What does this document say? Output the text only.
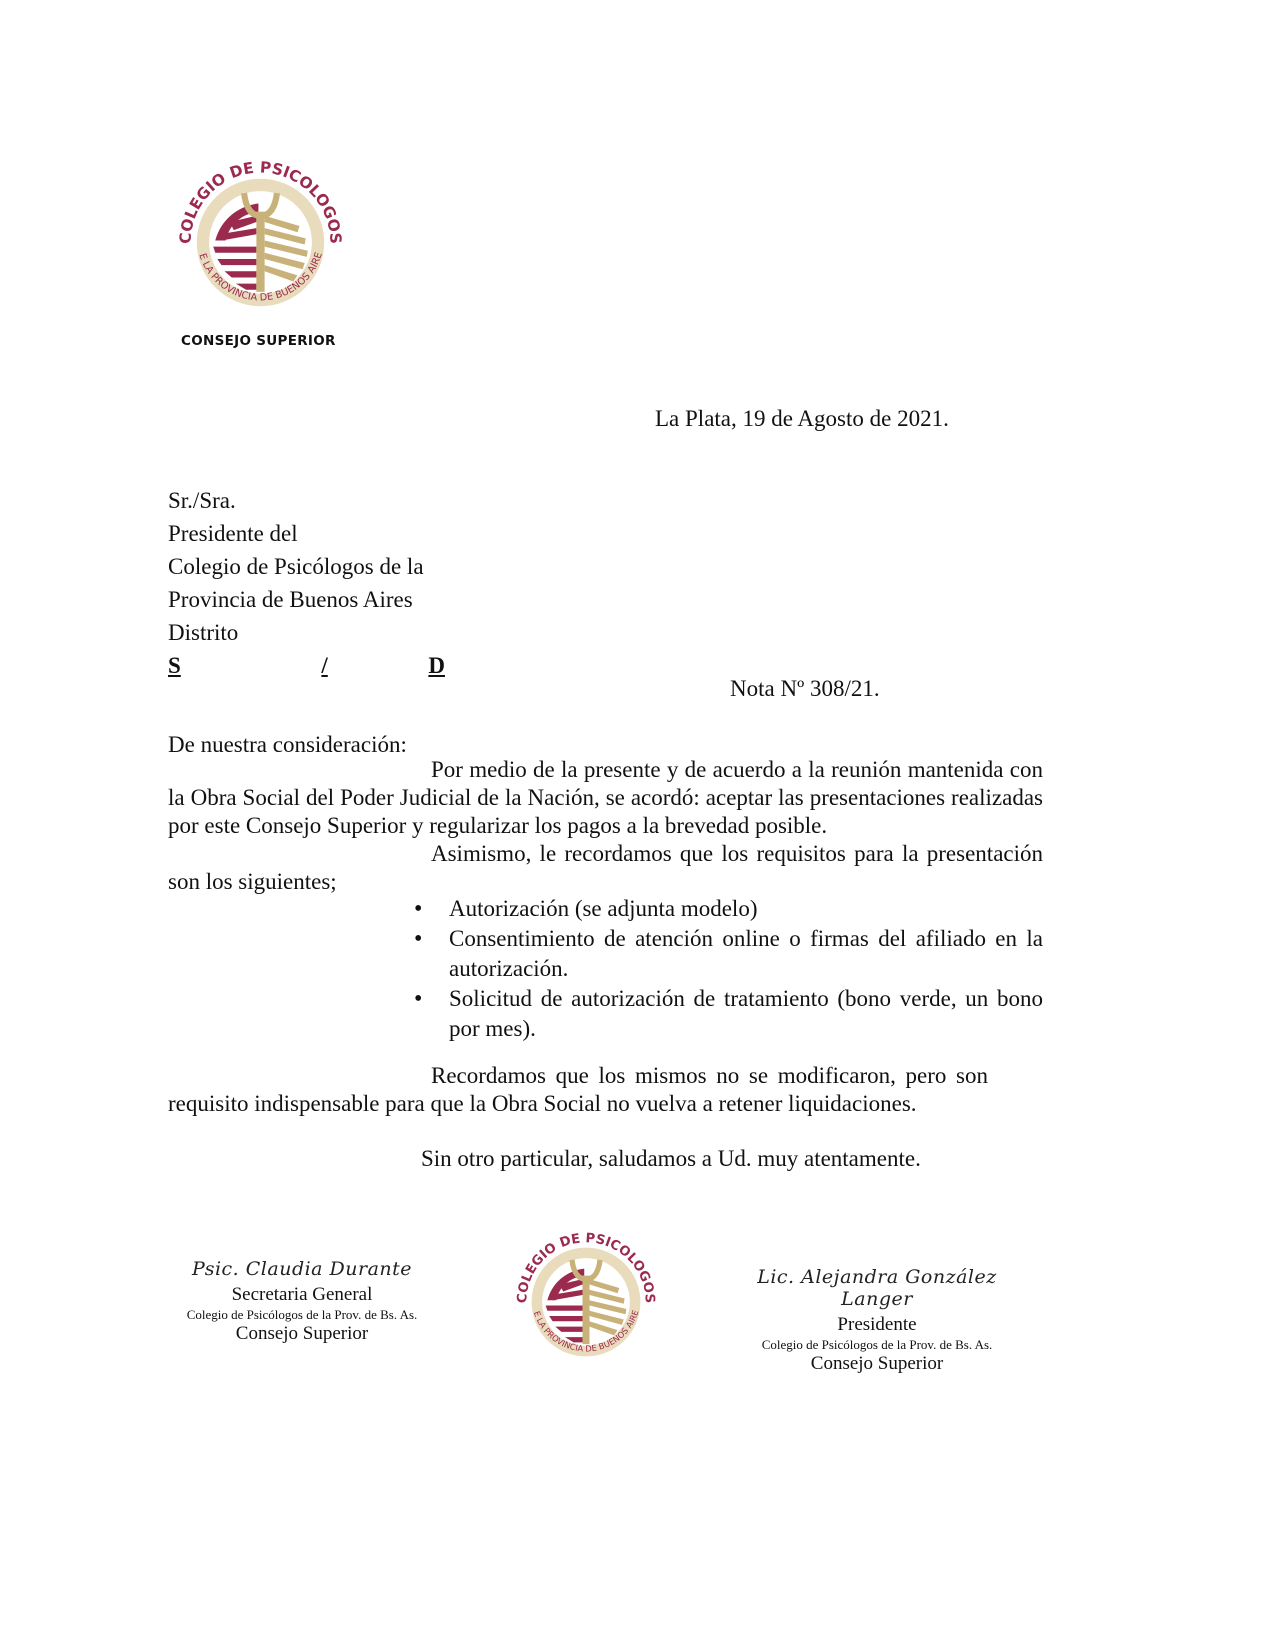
COLEGIO DE PSICOLOGOS
E LA PROVINCIA DE BUENOS AIRE
CONSEJO SUPERIOR
La Plata, 19 de Agosto de 2021.
Sr./Sra.
Presidente del
Colegio de Psicólogos de la
Provincia de Buenos Aires
Distrito
S	/	D
Nota Nº 308/21.
De nuestra consideración:
Por medio de la presente y de acuerdo a la reunión mantenida con la Obra Social del Poder Judicial de la Nación, se acordó: aceptar las presentaciones realizadas por este Consejo Superior y regularizar los pagos a la brevedad posible.
Asimismo, le recordamos que los requisitos para la presentación son los siguientes;
• Autorización (se adjunta modelo)
• Consentimiento de atención online o firmas del afiliado en la autorización.
• Solicitud de autorización de tratamiento (bono verde, un bono por mes).
Recordamos que los mismos no se modificaron, pero son requisito indispensable para que la Obra Social no vuelva a retener liquidaciones.
Sin otro particular, saludamos a Ud. muy atentamente.
Psic. Claudia Durante
Secretaria General
Colegio de Psicólogos de la Prov. de Bs. As.
Consejo Superior
COLEGIO DE PSICOLOGOS
E LA PROVINCIA DE BUENOS AIRE
Lic. Alejandra González Langer
Presidente
Colegio de Psicólogos de la Prov. de Bs. As.
Consejo Superior
